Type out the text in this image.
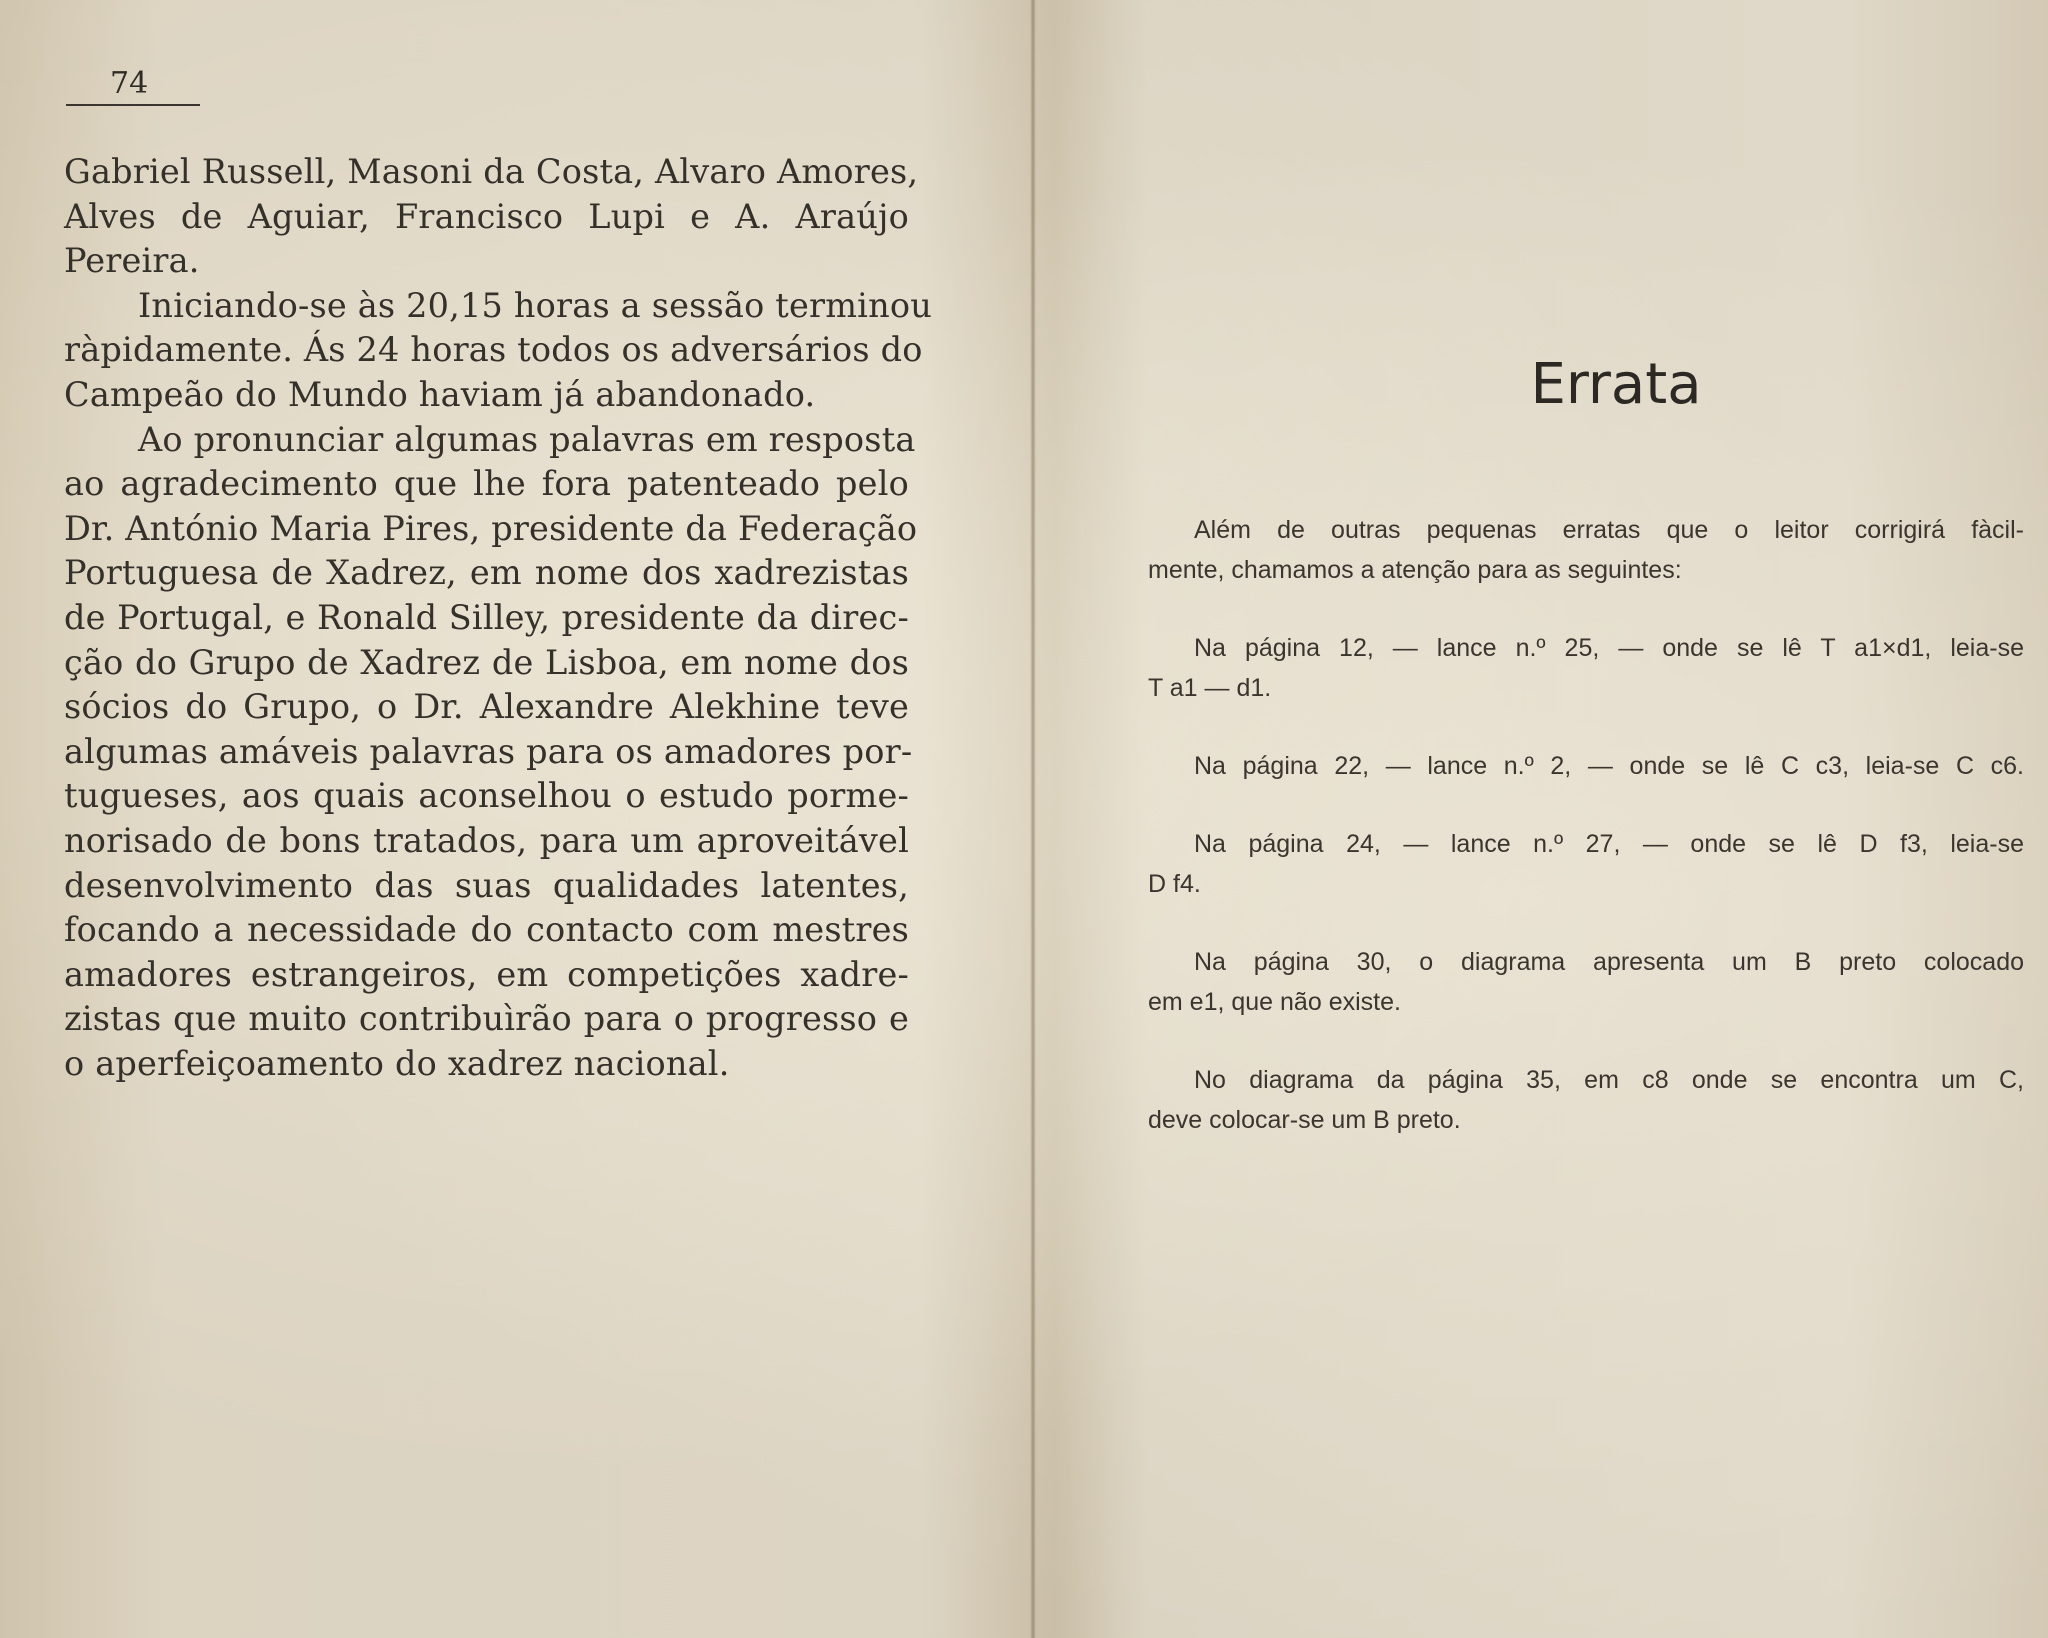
74
Gabriel Russell, Masoni da Costa, Alvaro Amores,
Alves de Aguiar, Francisco Lupi e A. Araújo
Pereira.
Iniciando-se às 20,15 horas a sessão terminou
ràpidamente. Ás 24 horas todos os adversários do
Campeão do Mundo haviam já abandonado.
Ao pronunciar algumas palavras em resposta
ao agradecimento que lhe fora patenteado pelo
Dr. António Maria Pires, presidente da Federação
Portuguesa de Xadrez, em nome dos xadrezistas
de Portugal, e Ronald Silley, presidente da direc-
ção do Grupo de Xadrez de Lisboa, em nome dos
sócios do Grupo, o Dr. Alexandre Alekhine teve
algumas amáveis palavras para os amadores por-
tugueses, aos quais aconselhou o estudo porme-
norisado de bons tratados, para um aproveitável
desenvolvimento das suas qualidades latentes,
focando a necessidade do contacto com mestres
amadores estrangeiros, em competições xadre-
zistas que muito contribuìrão para o progresso e
o aperfeiçoamento do xadrez nacional.
Errata
Além de outras pequenas erratas que o leitor corrigirá fàcil-
mente, chamamos a atenção para as seguintes:
Na página 12, — lance n.º 25, — onde se lê T a1×d1, leia-se
T a1 — d1.
Na página 22, — lance n.º 2, — onde se lê C c3, leia-se C c6.
Na página 24, — lance n.º 27, — onde se lê D f3, leia-se
D f4.
Na página 30, o diagrama apresenta um B preto colocado
em e1, que não existe.
No diagrama da página 35, em c8 onde se encontra um C,
deve colocar-se um B preto.
